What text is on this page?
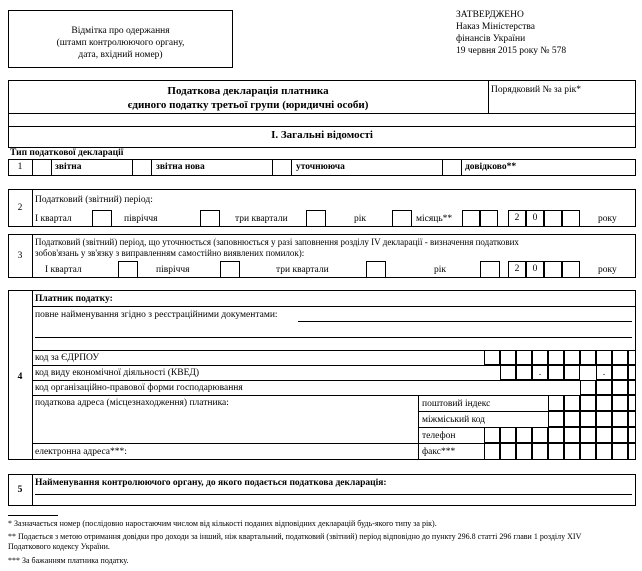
Відмітка про одержання
(штамп контролюючого органу,
дата, вхідний номер)
ЗАТВЕРДЖЕНО
Наказ Міністерства
фінансів України
19 червня 2015 року № 578
Податкова декларація платника
єдиного податку третьої групи (юридичні особи)
Порядковий № за рік*
І. Загальні відомості
Тип податкової декларації
1	звітна	звітна нова	уточнююча	довідково**
2
Податковий (звітний) період:
І квартал	півріччя	три квартали	рік	місяць**	2	0	року
3
Податковий (звітний) період, що уточнюється (заповнюється у разі заповнення розділу IV декларації - визначення податкових
зобов'язань у зв'язку з виправленням самостійно виявлених помилок):
І квартал	півріччя	три квартали	рік	2	0	року
4
Платник податку:
повне найменування згідно з реєстраційними документами:
код за ЄДРПОУ
код виду економічної діяльності (КВЕД)
код організаційно-правової форми господарювання
.	.
податкова адреса (місцезнаходження) платника:	поштовий індекс
міжміський код
телефон
факс***
електронна адреса***:
5
Найменування контролюючого органу, до якого подається податкова декларація:
* Зазначається номер (послідовно наростаючим числом від кількості поданих відповідних декларацій будь-якого типу за рік).
** Подається з метою отримання довідки про доходи за інший, ніж квартальний, податковий (звітний) період відповідно до пункту 296.8 статті 296 глави 1 розділу XIV
Податкового кодексу України.
*** За бажанням платника податку.
